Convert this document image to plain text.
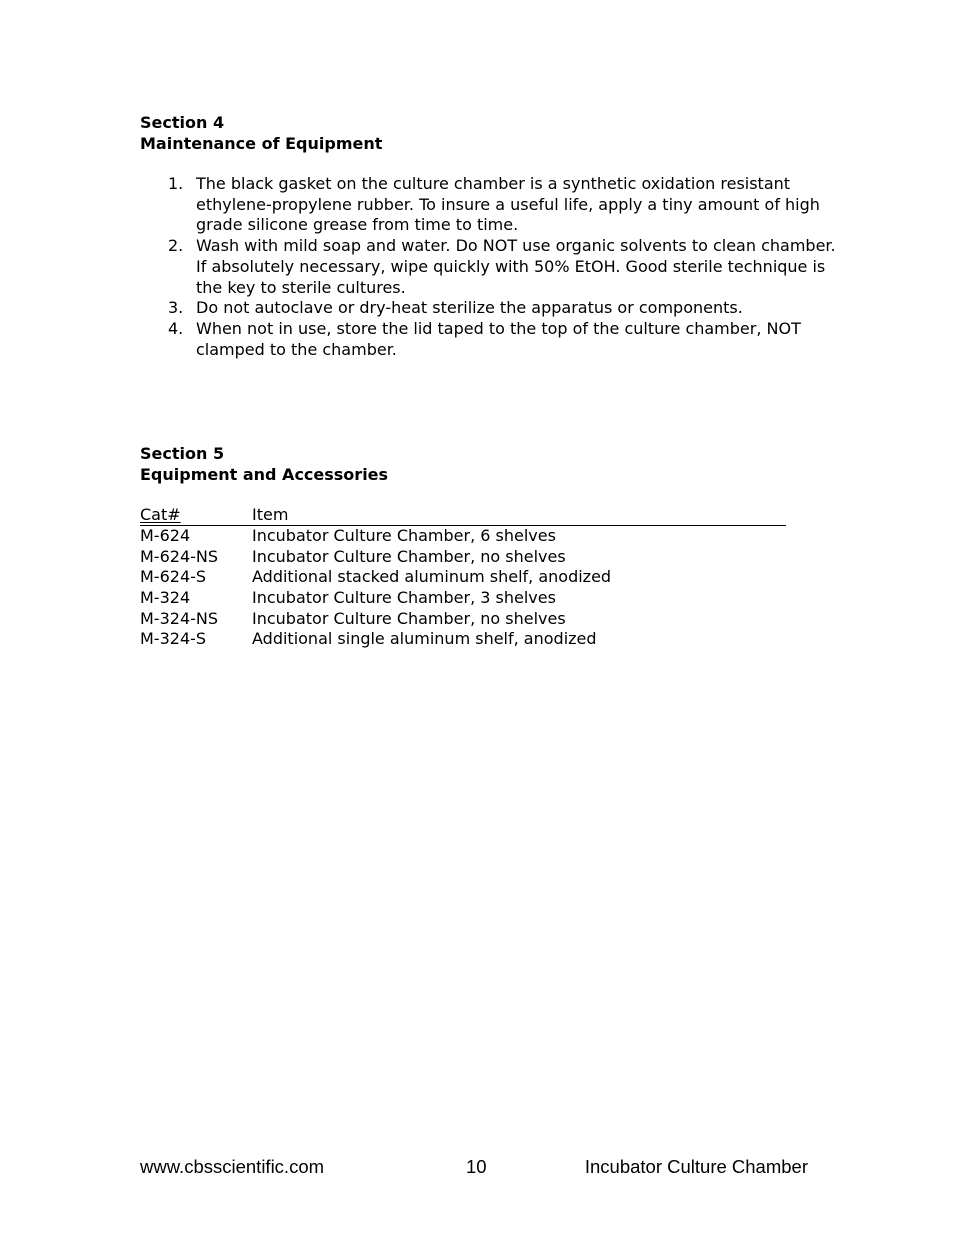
Section 4
Maintenance of Equipment
1. The black gasket on the culture chamber is a synthetic oxidation resistant
ethylene-propylene rubber. To insure a useful life, apply a tiny amount of high
grade silicone grease from time to time.
2. Wash with mild soap and water. Do NOT use organic solvents to clean chamber.
If absolutely necessary, wipe quickly with 50% EtOH. Good sterile technique is
the key to sterile cultures.
3. Do not autoclave or dry-heat sterilize the apparatus or components.
4. When not in use, store the lid taped to the top of the culture chamber, NOT
clamped to the chamber.
Section 5
Equipment and Accessories
Cat#	Item
M-624	Incubator Culture Chamber, 6 shelves
M-624-NS	Incubator Culture Chamber, no shelves
M-624-S	Additional stacked aluminum shelf, anodized
M-324	Incubator Culture Chamber, 3 shelves
M-324-NS	Incubator Culture Chamber, no shelves
M-324-S	Additional single aluminum shelf, anodized
www.cbsscientific.com	10	Incubator Culture Chamber
